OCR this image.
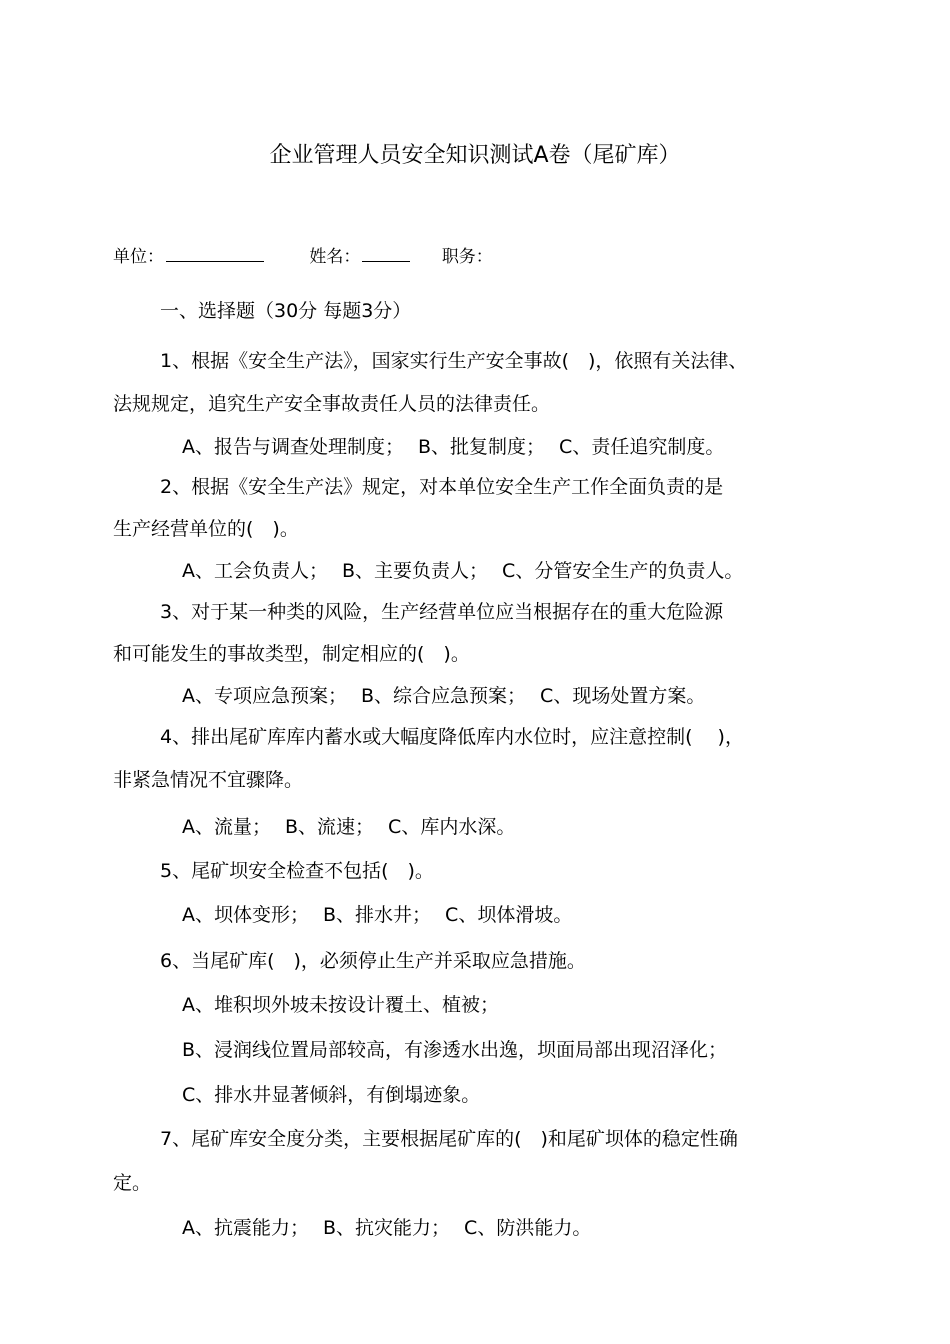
企业管理人员安全知识测试A卷（尾矿库）
单位：	姓名：	职务：
一、选择题（30分 每题3分）
1、根据《安全生产法》，国家实行生产安全事故(　)，依照有关法律、
法规规定，追究生产安全事故责任人员的法律责任。
A、报告与调查处理制度； B、批复制度； C、责任追究制度。
2、根据《安全生产法》规定，对本单位安全生产工作全面负责的是
生产经营单位的(　)。
A、工会负责人； B、主要负责人； C、分管安全生产的负责人。
3、对于某一种类的风险，生产经营单位应当根据存在的重大危险源
和可能发生的事故类型，制定相应的(　)。
A、专项应急预案； B、综合应急预案； C、现场处置方案。
4、排出尾矿库库内蓄水或大幅度降低库内水位时，应注意控制(　 )，
非紧急情况不宜骤降。
A、流量； B、流速； C、库内水深。
5、尾矿坝安全检查不包括(　)。
A、坝体变形； B、排水井； C、坝体滑坡。
6、当尾矿库(　)，必须停止生产并采取应急措施。
A、堆积坝外坡未按设计覆土、植被；
B、浸润线位置局部较高，有渗透水出逸，坝面局部出现沼泽化；
C、排水井显著倾斜，有倒塌迹象。
7、尾矿库安全度分类，主要根据尾矿库的(　)和尾矿坝体的稳定性确
定。
A、抗震能力； B、抗灾能力； C、防洪能力。
